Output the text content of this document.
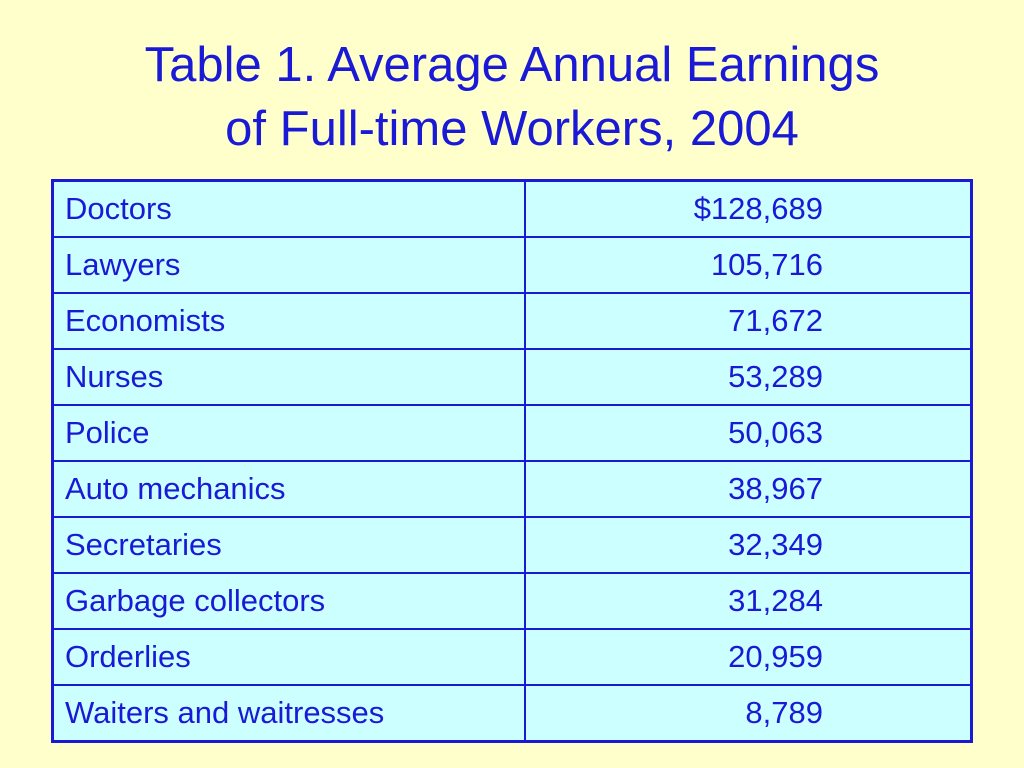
Table 1. Average Annual Earnings
of Full-time Workers, 2004
Doctors	$128,689
Lawyers	105,716
Economists	71,672
Nurses	53,289
Police	50,063
Auto mechanics	38,967
Secretaries	32,349
Garbage collectors	31,284
Orderlies	20,959
Waiters and waitresses	8,789
